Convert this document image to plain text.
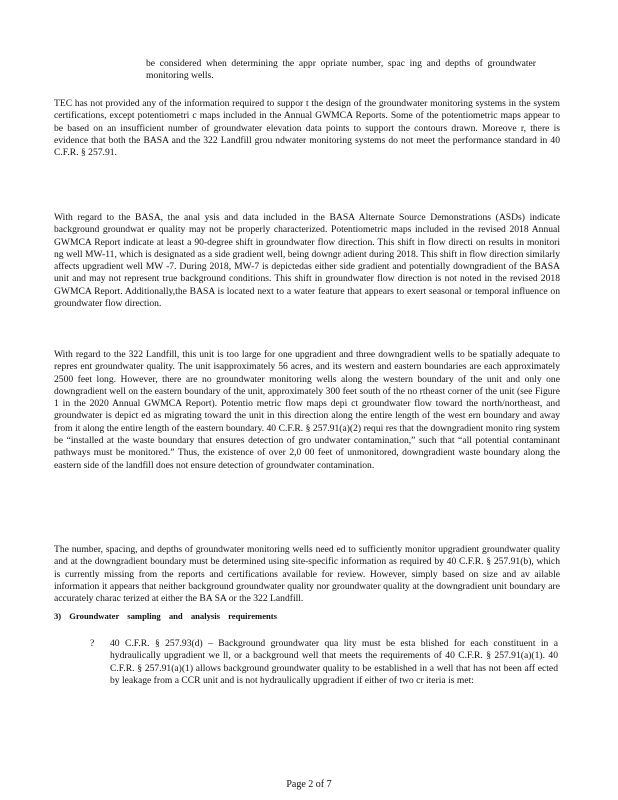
be considered when determining the appr opriate number, spac ing and depths of groundwater monitoring wells.

TEC has not provided any of the information required to suppor t the design of the groundwater monitoring systems in the system certifications, except potentiometri c maps included in the Annual GWMCA Reports. Some of the potentiometric maps appear to be based on an insufficient number of groundwater elevation data points to support the contours drawn. Moreove r, there is evidence that both the BASA and the 322 Landfill grou ndwater monitoring systems do not meet the performance standard in 40 C.F.R. § 257.91.

With regard to the BASA, the anal ysis and data included in the BASA Alternate Source Demonstrations (ASDs) indicate background groundwat er quality may not be properly characterized. Potentiometric maps included in the revised 2018 Annual GWMCA Report indicate at least a 90-degree shift in groundwater flow direction. This shift in flow directi on results in monitori ng well MW-11, which is designated as a side gradient well, being downgr adient during 2018. This shift in flow direction similarly affects upgradient well MW -7. During 2018, MW-7 is depictedas either side gradient and potentially downgradient of the BASA unit and may not represent true background conditions. This shift in groundwater flow direction is not noted in the revised 2018 GWMCA Report. Additionally,the BASA is located next to a water feature that appears to exert seasonal or temporal influence on groundwater flow direction.

With regard to the 322 Landfill, this unit is too large for one upgradient and three downgradient wells to be spatially adequate to repres ent groundwater quality. The unit isapproximately 56 acres, and its western and eastern boundaries are each approximately 2500 feet long. However, there are no groundwater monitoring wells along the western boundary of the unit and only one downgradient well on the eastern boundary of the unit, approximately 300 feet south of the no rtheast corner of the unit (see Figure 1 in the 2020 Annual GWMCA Report). Potentio metric flow maps depi ct groundwater flow toward the north/northeast, and groundwater is depict ed as migrating toward the unit in this direction along the entire length of the west ern boundary and away from it along the entire length of the eastern boundary. 40 C.F.R. § 257.91(a)(2) requi res that the downgradient monito ring system be “installed at the waste boundary that ensures detection of gro undwater contamination,” such that “all potential contaminant pathways must be monitored.” Thus, the existence of over 2,0 00 feet of unmonitored, downgradient waste boundary along the eastern side of the landfill does not ensure detection of groundwater contamination.

The number, spacing, and depths of groundwater monitoring wells need ed to sufficiently monitor upgradient groundwater quality and at the downgradient boundary must be determined using site-specific information as required by 40 C.F.R. § 257.91(b), which is currently missing from the reports and certifications available for review. However, simply based on size and av ailable information it appears that neither background groundwater quality nor groundwater quality at the downgradient unit boundary are accurately charac terized at either the BA SA or the 322 Landfill.

3) Groundwater sampling and analysis requirements

?	40 C.F.R. § 257.93(d) – Background groundwater qua lity must be esta blished for each constituent in a hydraulically upgradient we ll, or a background well that meets the requirements of 40 C.F.R. § 257.91(a)(1). 40 C.F.R. § 257.91(a)(1) allows background groundwater quality to be established in a well that has not been aff ected by leakage from a CCR unit and is not hydraulically upgradient if either of two cr iteria is met:

Page 2 of 7
